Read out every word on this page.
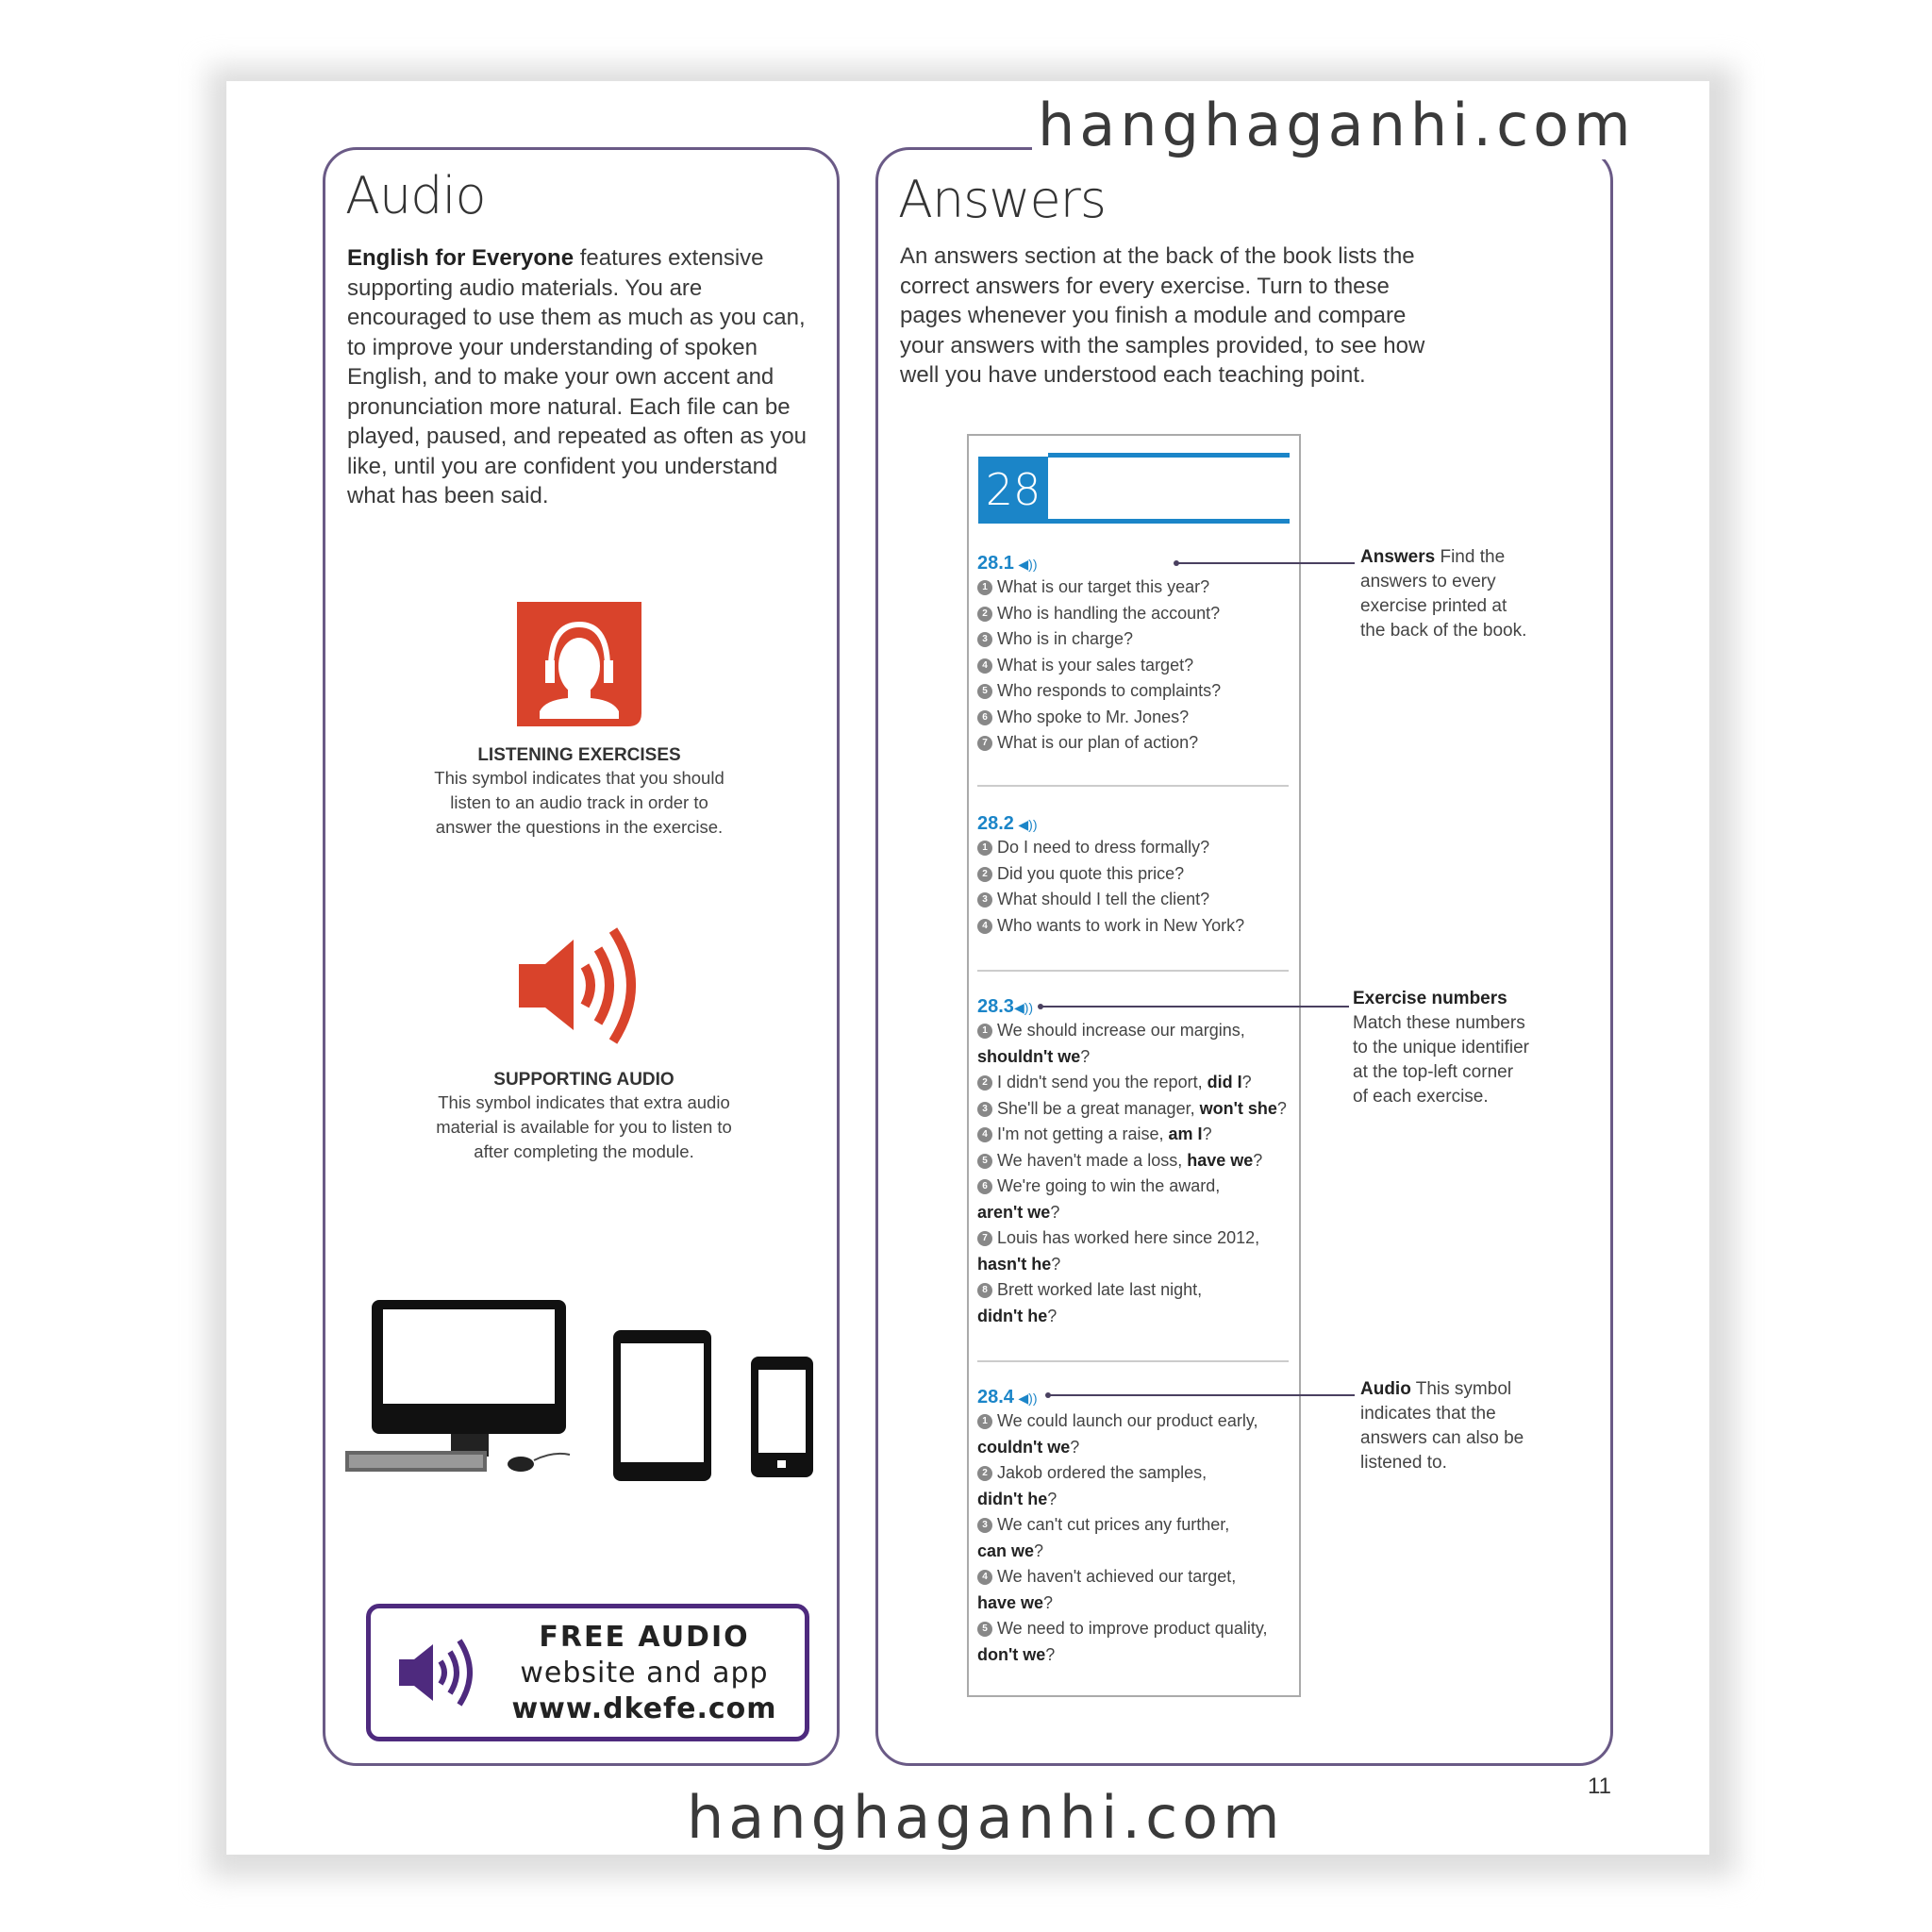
Audio
English for Everyone features extensive
supporting audio materials. You are
encouraged to use them as much as you can,
to improve your understanding of spoken
English, and to make your own accent and
pronunciation more natural. Each file can be
played, paused, and repeated as often as you
like, until you are confident you understand
what has been said.
LISTENING EXERCISES
This symbol indicates that you should
listen to an audio track in order to
answer the questions in the exercise.
SUPPORTING AUDIO
This symbol indicates that extra audio
material is available for you to listen to
after completing the module.
FREE AUDIO
website and app
www.dkefe.com
Answers
An answers section at the back of the book lists the
correct answers for every exercise. Turn to these
pages whenever you finish a module and compare
your answers with the samples provided, to see how
well you have understood each teaching point.
28
28.1 ◀))
1 What is our target this year?
2 Who is handling the account?
3 Who is in charge?
4 What is your sales target?
5 Who responds to complaints?
6 Who spoke to Mr. Jones?
7 What is our plan of action?
28.2 ◀))
1 Do I need to dress formally?
2 Did you quote this price?
3 What should I tell the client?
4 Who wants to work in New York?
28.3◀))
1 We should increase our margins,
shouldn't we?
2 I didn't send you the report, did I?
3 She'll be a great manager, won't she?
4 I'm not getting a raise, am I?
5 We haven't made a loss, have we?
6 We're going to win the award,
aren't we?
7 Louis has worked here since 2012,
hasn't he?
8 Brett worked late last night,
didn't he?
28.4 ◀))
1 We could launch our product early,
couldn't we?
2 Jakob ordered the samples,
didn't he?
3 We can't cut prices any further,
can we?
4 We haven't achieved our target,
have we?
5 We need to improve product quality,
don't we?
Answers Find the
answers to every
exercise printed at
the back of the book.
Exercise numbers
Match these numbers
to the unique identifier
at the top-left corner
of each exercise.
Audio This symbol
indicates that the
answers can also be
listened to.
11
hanghaganhi.com
hanghaganhi.com
